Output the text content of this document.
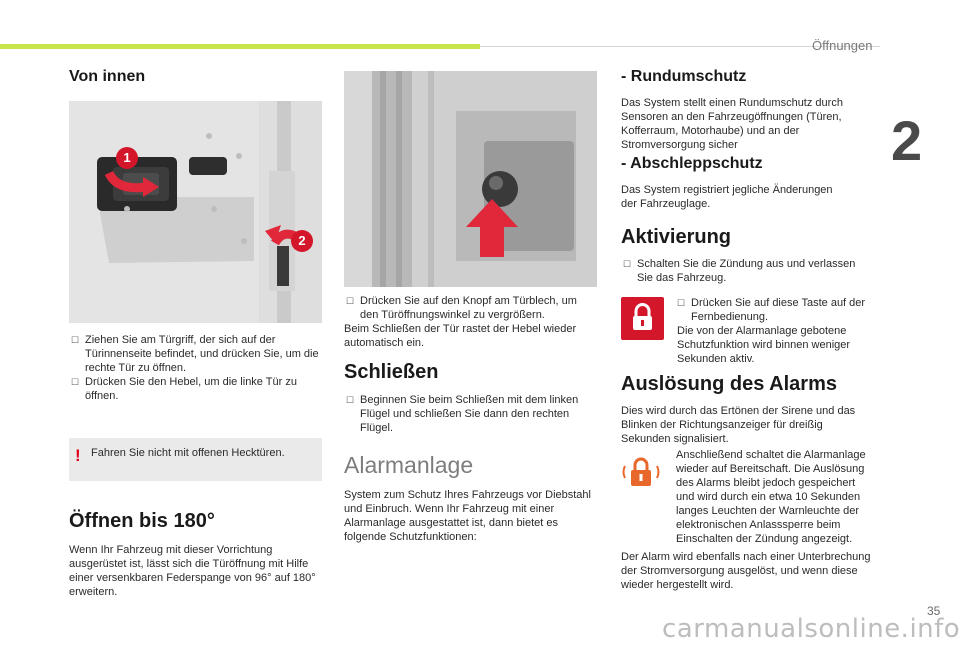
Öffnungen
2
Von innen
1
2
☐ Ziehen Sie am Türgriff, der sich auf der Türinnenseite befindet, und drücken Sie, um die rechte Tür zu öffnen.
☐ Drücken Sie den Hebel, um die linke Tür zu öffnen.
! Fahren Sie nicht mit offenen Hecktüren.
Öffnen bis 180°
Wenn Ihr Fahrzeug mit dieser Vorrichtung ausgerüstet ist, lässt sich die Türöffnung mit Hilfe einer versenkbaren Federspange von 96° auf 180° erweitern.
☐ Drücken Sie auf den Knopf am Türblech, um den Türöffnungswinkel zu vergrößern.
Beim Schließen der Tür rastet der Hebel wieder automatisch ein.
Schließen
☐ Beginnen Sie beim Schließen mit dem linken Flügel und schließen Sie dann den rechten Flügel.
Alarmanlage
System zum Schutz Ihres Fahrzeugs vor Diebstahl und Einbruch. Wenn Ihr Fahrzeug mit einer Alarmanlage ausgestattet ist, dann bietet es folgende Schutzfunktionen:
- Rundumschutz
Das System stellt einen Rundumschutz durch Sensoren an den Fahrzeugöffnungen (Türen, Kofferraum, Motorhaube) und an der Stromversorgung sicher
- Abschleppschutz
Das System registriert jegliche Änderungen der Fahrzeuglage.
Aktivierung
☐ Schalten Sie die Zündung aus und verlassen Sie das Fahrzeug.
☐ Drücken Sie auf diese Taste auf der Fernbedienung.
Die von der Alarmanlage gebotene Schutzfunktion wird binnen weniger Sekunden aktiv.
Auslösung des Alarms
Dies wird durch das Ertönen der Sirene und das Blinken der Richtungsanzeiger für dreißig Sekunden signalisiert.
Anschließend schaltet die Alarmanlage wieder auf Bereitschaft. Die Auslösung des Alarms bleibt jedoch gespeichert und wird durch ein etwa 10 Sekunden langes Leuchten der Warnleuchte der elektronischen Anlasssperre beim Einschalten der Zündung angezeigt.
Der Alarm wird ebenfalls nach einer Unterbrechung der Stromversorgung ausgelöst, und wenn diese wieder hergestellt wird.
35
carmanualsonline.info
